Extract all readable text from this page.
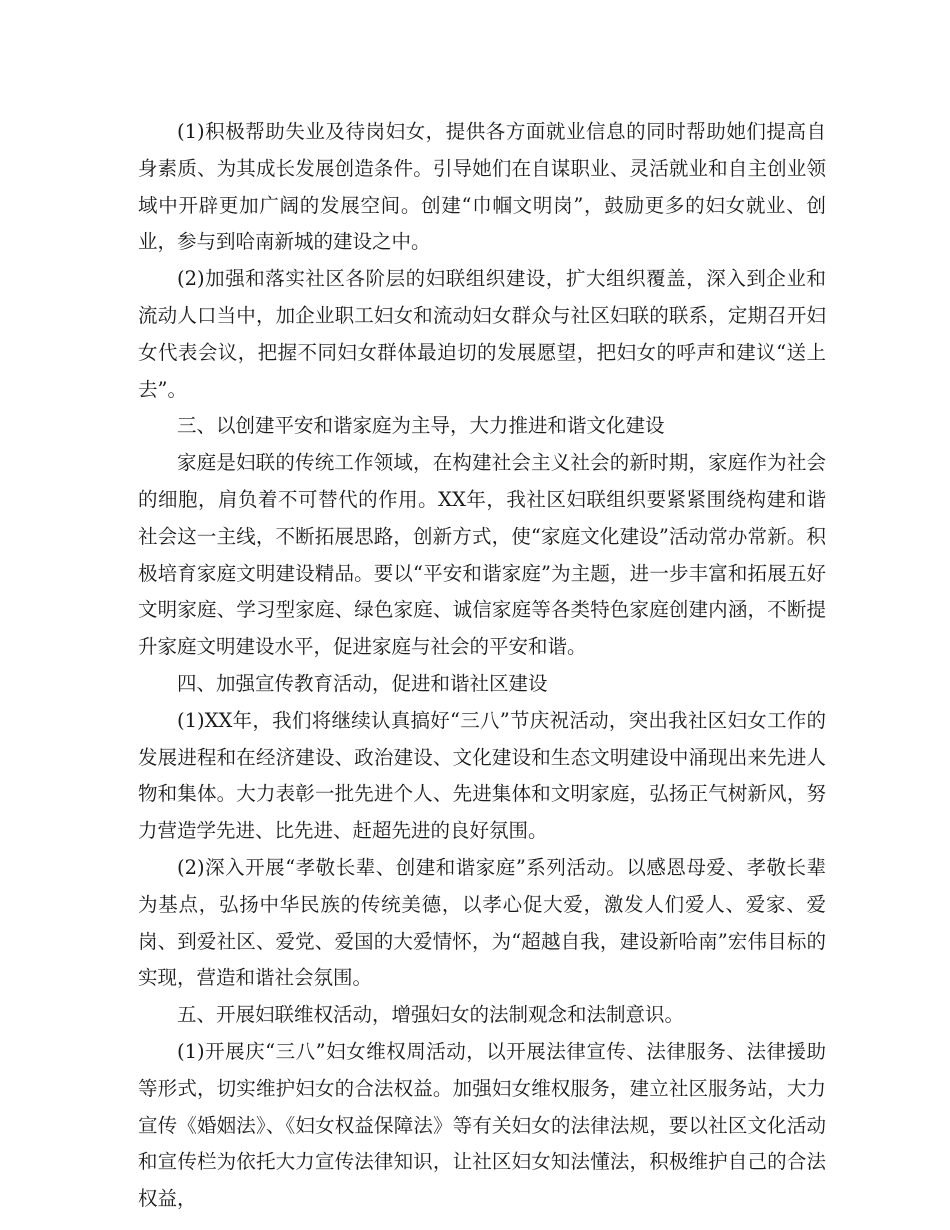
(1)积极帮助失业及待岗妇女，提供各方面就业信息的同时帮助她们提高自身素质、为其成长发展创造条件。引导她们在自谋职业、灵活就业和自主创业领域中开辟更加广阔的发展空间。创建“巾帼文明岗”，鼓励更多的妇女就业、创业，参与到哈南新城的建设之中。

(2)加强和落实社区各阶层的妇联组织建设，扩大组织覆盖，深入到企业和流动人口当中，加企业职工妇女和流动妇女群众与社区妇联的联系，定期召开妇女代表会议，把握不同妇女群体最迫切的发展愿望，把妇女的呼声和建议“送上去”。

三、以创建平安和谐家庭为主导，大力推进和谐文化建设

家庭是妇联的传统工作领域，在构建社会主义社会的新时期，家庭作为社会的细胞，肩负着不可替代的作用。XX年，我社区妇联组织要紧紧围绕构建和谐社会这一主线，不断拓展思路，创新方式，使“家庭文化建设”活动常办常新。积极培育家庭文明建设精品。要以“平安和谐家庭”为主题，进一步丰富和拓展五好文明家庭、学习型家庭、绿色家庭、诚信家庭等各类特色家庭创建内涵，不断提升家庭文明建设水平，促进家庭与社会的平安和谐。

四、加强宣传教育活动，促进和谐社区建设

(1)XX年，我们将继续认真搞好“三八”节庆祝活动，突出我社区妇女工作的发展进程和在经济建设、政治建设、文化建设和生态文明建设中涌现出来先进人物和集体。大力表彰一批先进个人、先进集体和文明家庭，弘扬正气树新风，努力营造学先进、比先进、赶超先进的良好氛围。

(2)深入开展“孝敬长辈、创建和谐家庭”系列活动。以感恩母爱、孝敬长辈为基点，弘扬中华民族的传统美德，以孝心促大爱，激发人们爱人、爱家、爱岗、到爱社区、爱党、爱国的大爱情怀，为“超越自我，建设新哈南”宏伟目标的实现，营造和谐社会氛围。

五、开展妇联维权活动，增强妇女的法制观念和法制意识。

(1)开展庆“三八”妇女维权周活动，以开展法律宣传、法律服务、法律援助等形式，切实维护妇女的合法权益。加强妇女维权服务，建立社区服务站，大力宣传《婚姻法》、《妇女权益保障法》等有关妇女的法律法规，要以社区文化活动和宣传栏为依托大力宣传法律知识，让社区妇女知法懂法，积极维护自己的合法权益，
